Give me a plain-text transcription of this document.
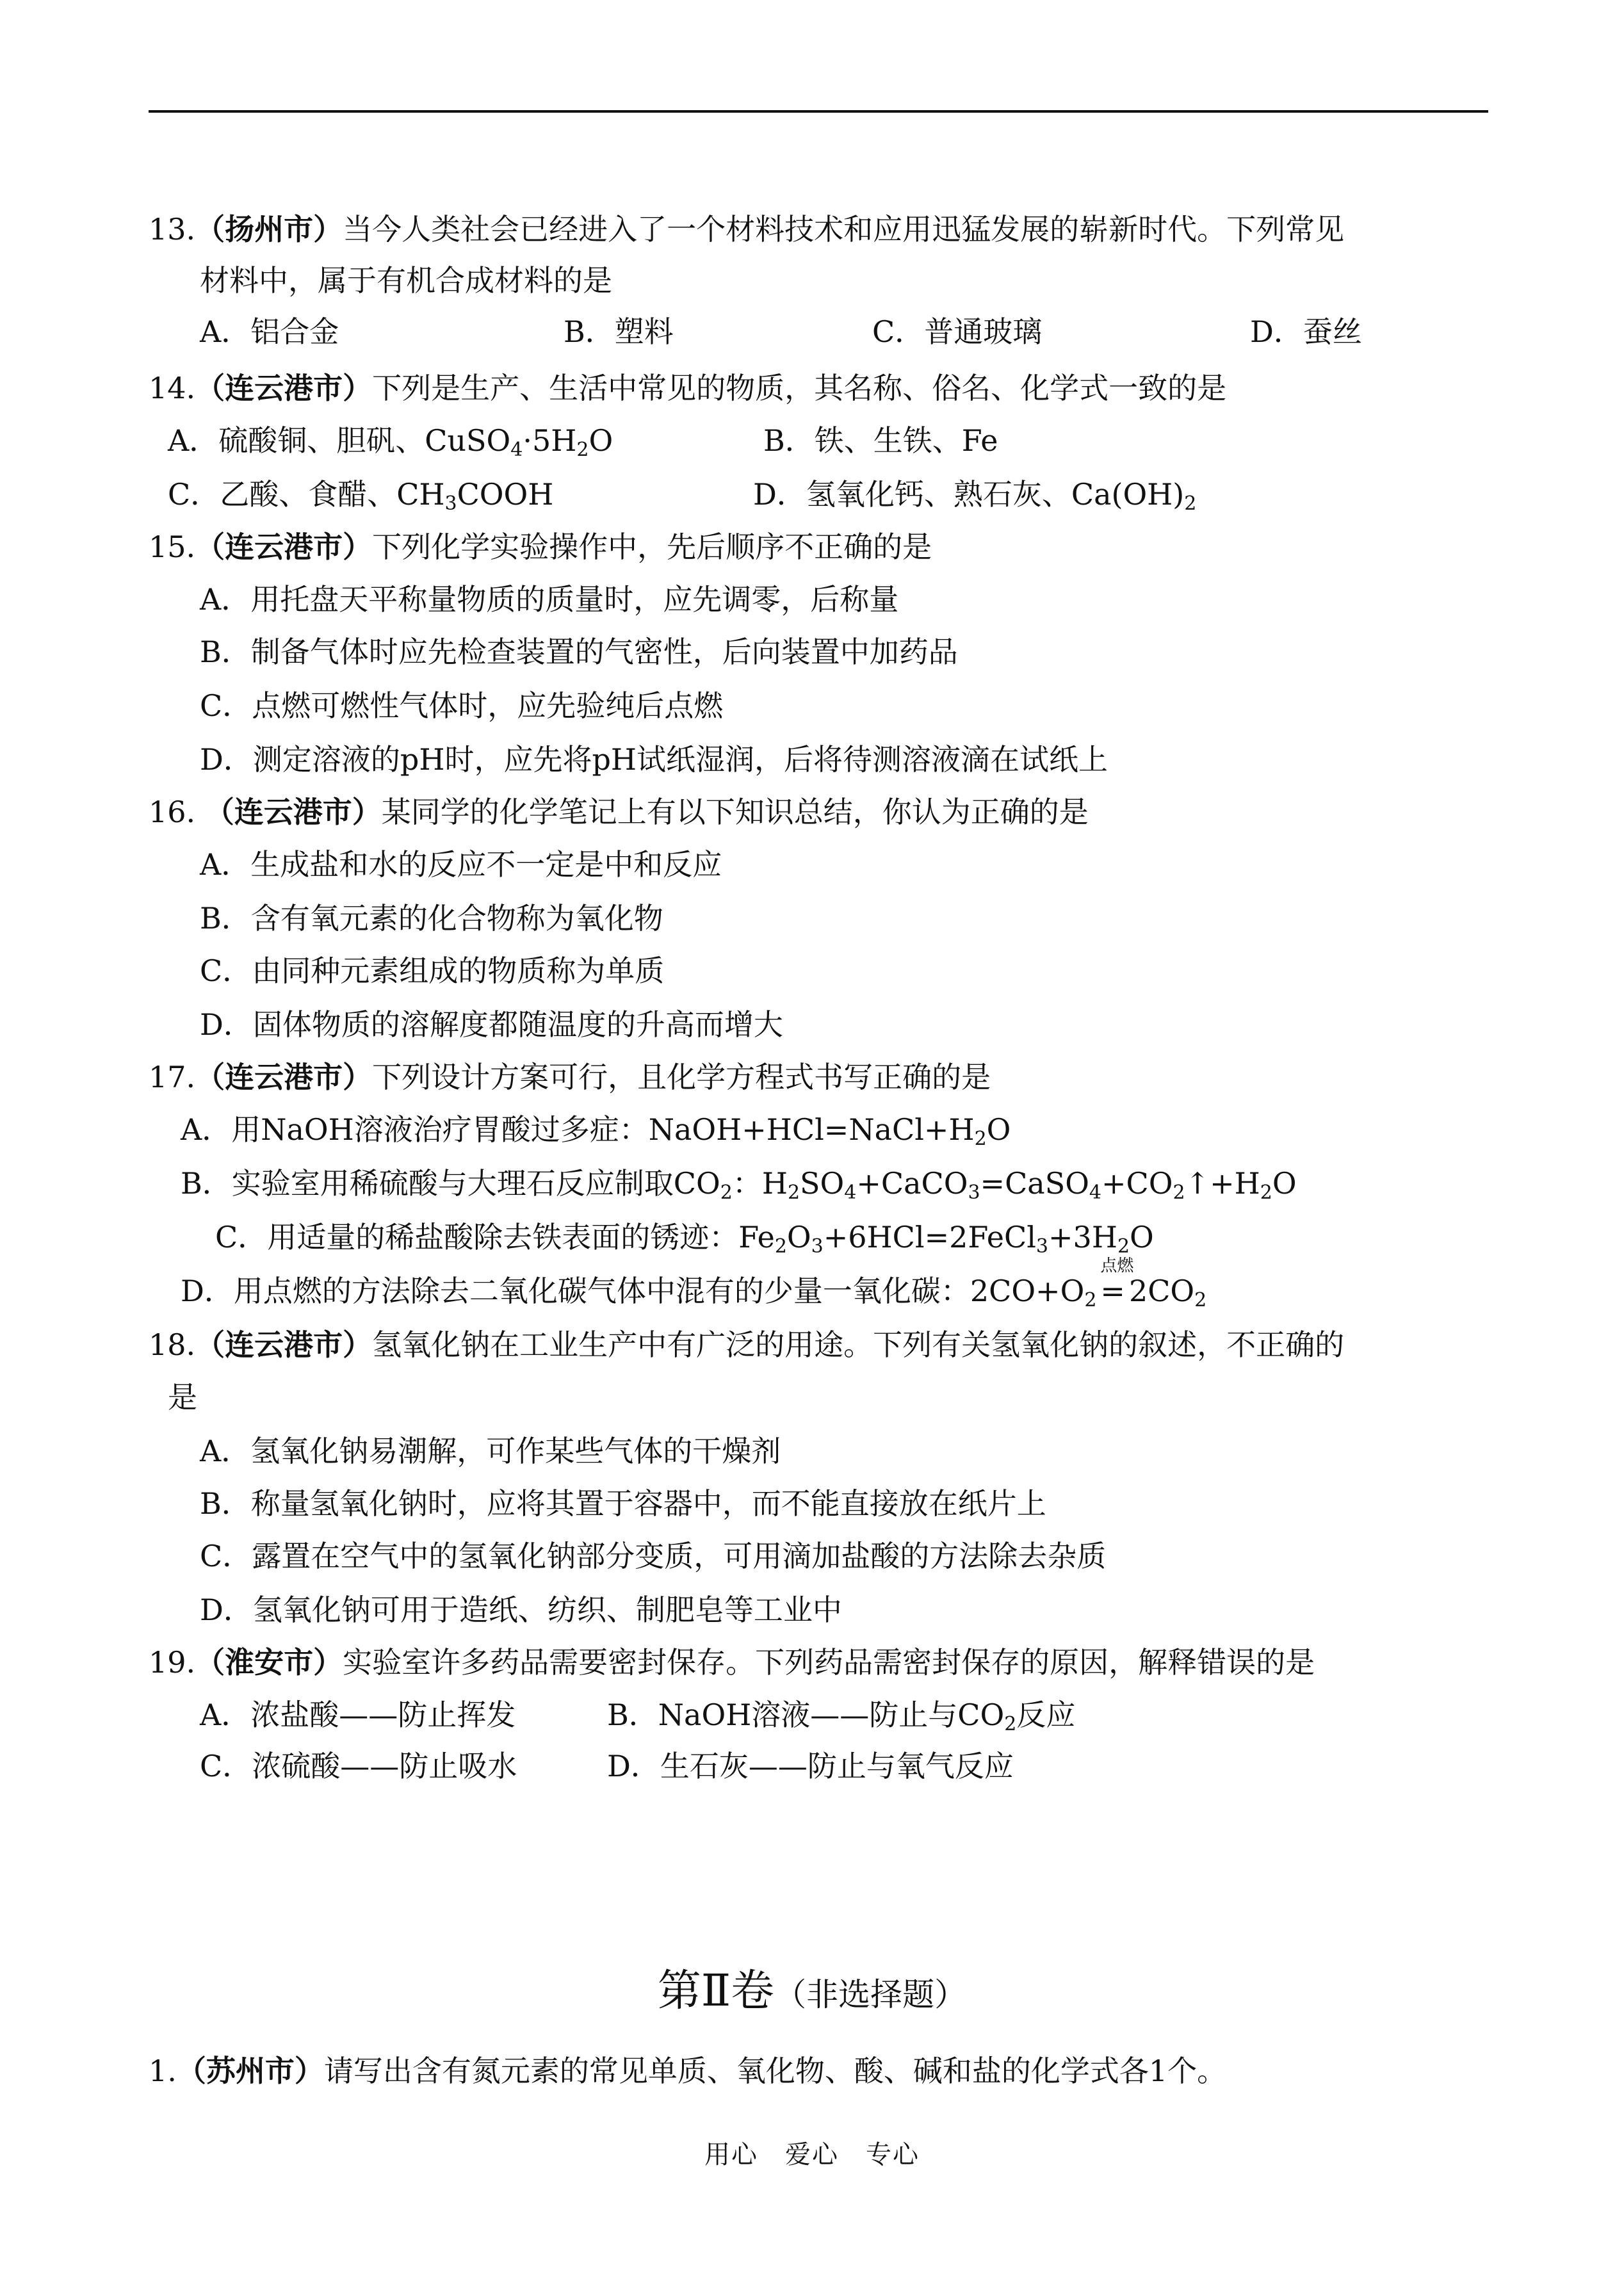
13.（扬州市）当今人类社会已经进入了一个材料技术和应用迅猛发展的崭新时代。下列常见
材料中，属于有机合成材料的是
A．铝合金	B．塑料	C．普通玻璃	D．蚕丝
14.（连云港市）下列是生产、生活中常见的物质，其名称、俗名、化学式一致的是
A．硫酸铜、胆矾、$CuSO_4\cdot 5H_2O$	B．铁、生铁、Fe
C．乙酸、食醋、$CH_3COOH$	D．氢氧化钙、熟石灰、$Ca(OH)_2$
15.（连云港市）下列化学实验操作中，先后顺序不正确的是
A．用托盘天平称量物质的质量时，应先调零，后称量
B．制备气体时应先检查装置的气密性，后向装置中加药品
C．点燃可燃性气体时，应先验纯后点燃
D．测定溶液的pH时，应先将pH试纸湿润，后将待测溶液滴在试纸上
16. （连云港市）某同学的化学笔记上有以下知识总结，你认为正确的是
A．生成盐和水的反应不一定是中和反应
B．含有氧元素的化合物称为氧化物
C．由同种元素组成的物质称为单质
D．固体物质的溶解度都随温度的升高而增大
17.（连云港市）下列设计方案可行，且化学方程式书写正确的是
A．用NaOH溶液治疗胃酸过多症：$NaOH+HCl=NaCl+H_2O$
B．实验室用稀硫酸与大理石反应制取$CO_2$：$H_2SO_4+CaCO_3=CaSO_4+CO_2↑+H_2O$
C．用适量的稀盐酸除去铁表面的锈迹：$Fe_2O_3+6HCl=2FeCl_3+3H_2O$
D．用点燃的方法除去二氧化碳气体中混有的少量一氧化碳：$2CO+O_2$
点燃
= $2CO_2$
18.（连云港市）氢氧化钠在工业生产中有广泛的用途。下列有关氢氧化钠的叙述，不正确的
是
A．氢氧化钠易潮解，可作某些气体的干燥剂
B．称量氢氧化钠时，应将其置于容器中，而不能直接放在纸片上
C．露置在空气中的氢氧化钠部分变质，可用滴加盐酸的方法除去杂质
D．氢氧化钠可用于造纸、纺织、制肥皂等工业中
19.（淮安市）实验室许多药品需要密封保存。下列药品需密封保存的原因，解释错误的是
A．浓盐酸——防止挥发	B．NaOH溶液——防止与$CO_2$反应
C．浓硫酸——防止吸水	D．生石灰——防止与氧气反应
第Ⅱ卷（非选择题）
1.（苏州市）请写出含有氮元素的常见单质、氧化物、酸、碱和盐的化学式各1个。
用心　爱心　专心
